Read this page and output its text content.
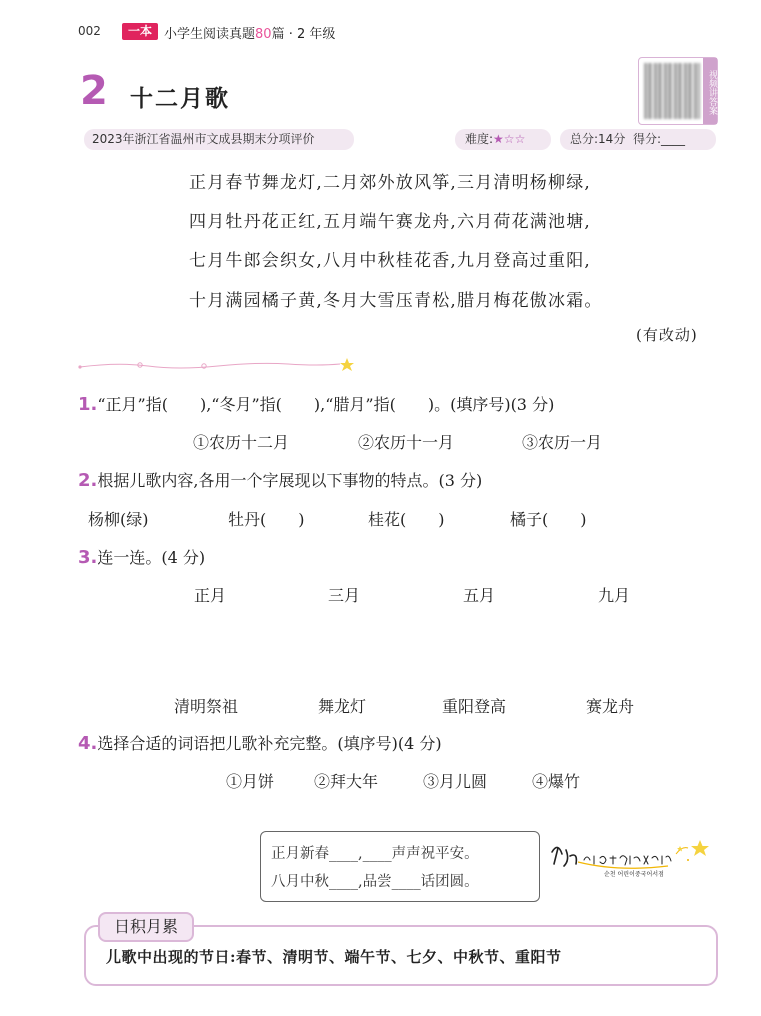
002	一本 小学生阅读真题80篇 · 2 年级
2 十二月歌	视频讲答案
2023年浙江省温州市文成县期末分项评价	难度:★☆☆	总分:14分 得分:____
正月春节舞龙灯,二月郊外放风筝,三月清明杨柳绿,
四月牡丹花正红,五月端午赛龙舟,六月荷花满池塘,
七月牛郎会织女,八月中秋桂花香,九月登高过重阳,
十月满园橘子黄,冬月大雪压青松,腊月梅花傲冰霜。
(有改动)
1.“正月”指(　　),“冬月”指(　　),“腊月”指(　　)。(填序号)(3 分)
①农历十二月	②农历十一月	③农历一月
2.根据儿歌内容,各用一个字展现以下事物的特点。(3 分)
杨柳(绿)	牡丹(　　)	桂花(　　)	橘子(　　)
3.连一连。(4 分)
正月	三月	五月	九月
清明祭祖	舞龙灯	重阳登高	赛龙舟
4.选择合适的词语把儿歌补充完整。(填序号)(4 分)
①月饼 ②拜大年	③月儿圆	④爆竹
正月新春____,____声声祝平安。
八月中秋____,品尝____话团圆。	순천 어린이중국어서점
日积月累
儿歌中出现的节日:春节、清明节、端午节、七夕、中秋节、重阳节
